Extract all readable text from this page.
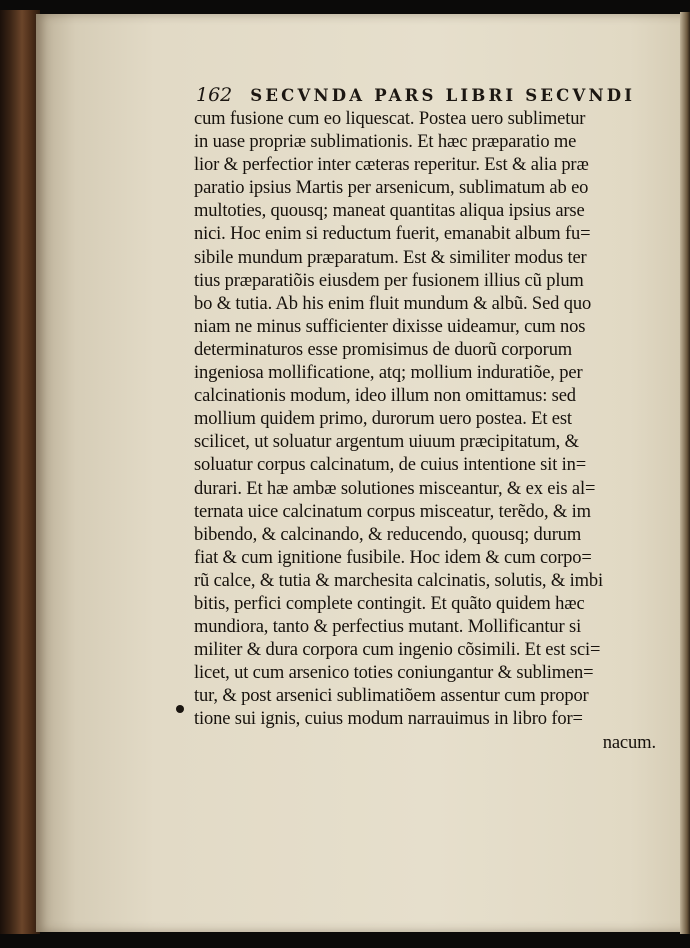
162 SECVNDA PARS LIBRI SECVNDI
cum fusione cum eo liquescat. Postea uero sublimetur
in uase propriæ sublimationis. Et hæc præparatio me
lior & perfectior inter cæteras reperitur. Est & alia præ
paratio ipsius Martis per arsenicum, sublimatum ab eo
multoties, quousq; maneat quantitas aliqua ipsius arse
nici. Hoc enim si reductum fuerit, emanabit album fu=
sibile mundum præparatum. Est & similiter modus ter
tius præparatiõis eiusdem per fusionem illius cũ plum
bo & tutia. Ab his enim fluit mundum & albũ. Sed quo
niam ne minus sufficienter dixisse uideamur, cum nos
determinaturos esse promisimus de duorũ corporum
ingeniosa mollificatione, atq; mollium induratiõe, per
calcinationis modum, ideo illum non omittamus: sed
mollium quidem primo, durorum uero postea. Et est
scilicet, ut soluatur argentum uiuum præcipitatum, &
soluatur corpus calcinatum, de cuius intentione sit in=
durari. Et hæ ambæ solutiones misceantur, & ex eis al=
ternata uice calcinatum corpus misceatur, terẽdo, & im
bibendo, & calcinando, & reducendo, quousq; durum
fiat & cum ignitione fusibile. Hoc idem & cum corpo=
rũ calce, & tutia & marchesita calcinatis, solutis, & imbi
bitis, perfici complete contingit. Et quãto quidem hæc
mundiora, tanto & perfectius mutant. Mollificantur si
militer & dura corpora cum ingenio cõsimili. Et est sci=
licet, ut cum arsenico toties coniungantur & sublimen=
tur, & post arsenici sublimatiõem assentur cum propor
tione sui ignis, cuius modum narrauimus in libro for=
nacum.
